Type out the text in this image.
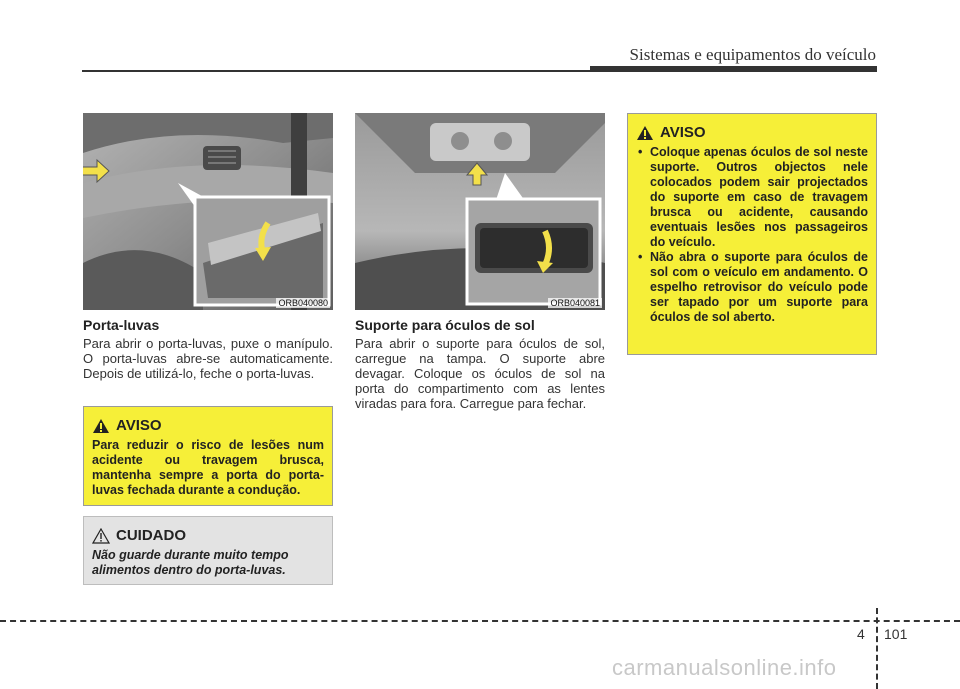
Sistemas e equipamentos do veículo
ORB040080	ORB040081
Porta-luvas
Para abrir o porta-luvas, puxe o manípulo. O porta-luvas abre-se automaticamente. Depois de utilizá-lo, feche o porta-luvas.
Suporte para óculos de sol
Para abrir o suporte para óculos de sol, carregue na tampa. O suporte abre devagar. Coloque os óculos de sol na porta do compartimento com as lentes viradas para fora. Carregue para fechar.
AVISO
Para reduzir o risco de lesões num acidente ou travagem brusca, mantenha sempre a porta do porta-luvas fechada durante a condução.
CUIDADO
Não guarde durante muito tempo alimentos dentro do porta-luvas.
AVISO
• Coloque apenas óculos de sol neste suporte. Outros objectos nele colocados podem sair projectados do suporte em caso de travagem brusca ou acidente, causando eventuais lesões nos passageiros do veículo.
• Não abra o suporte para óculos de sol com o veículo em andamento. O espelho retrovisor do veículo pode ser tapado por um suporte para óculos de sol aberto.
4 101
carmanualsonline.info
